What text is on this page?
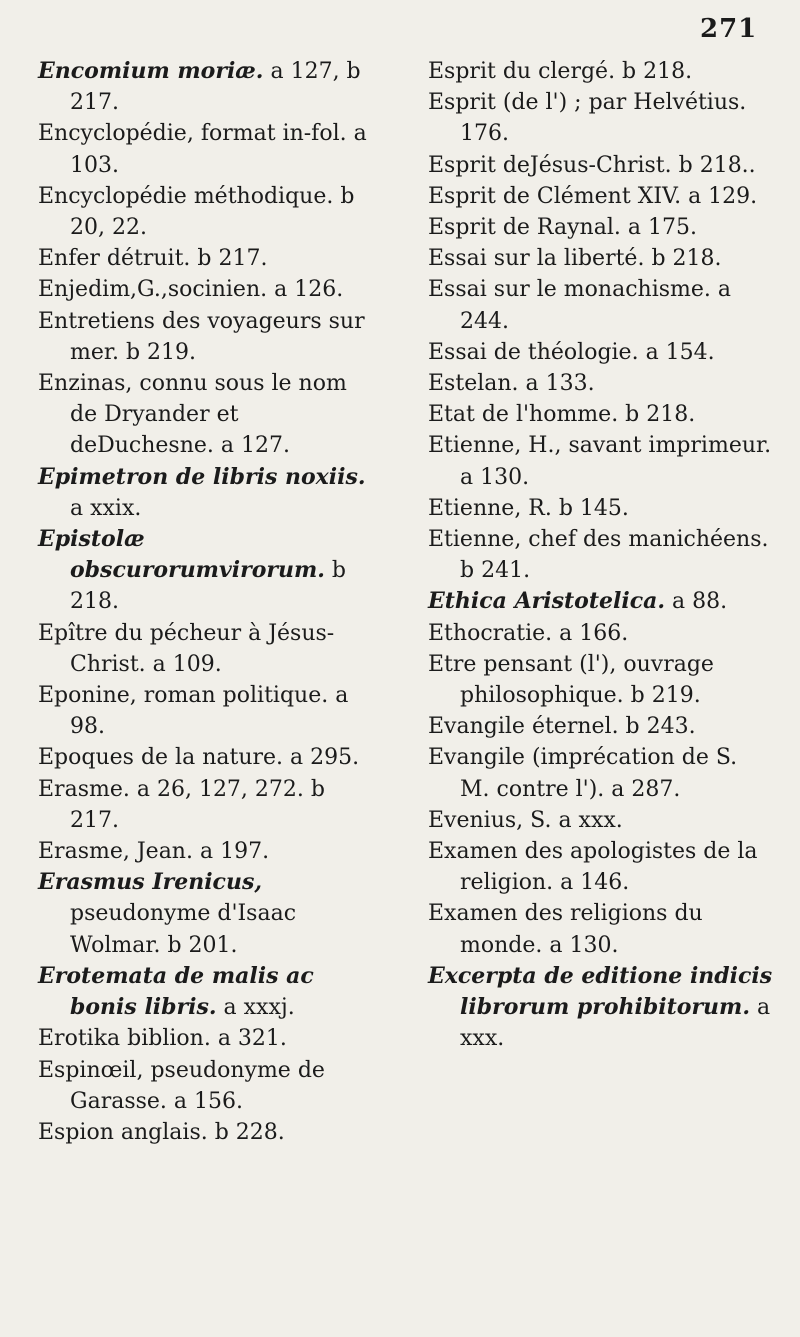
271

Encomium moriæ. a 127, b 217.

Encyclopédie, format in-fol. a 103.

Encyclopédie méthodique. b 20, 22.

Enfer détruit. b 217.

Enjedim,G.,socinien. a 126.

Entretiens des voyageurs sur mer. b 219.

Enzinas, connu sous le nom de Dryander et deDuchesne. a 127.

Epimetron de libris noxiis. a xxix.

Epistolæ obscurorumvirorum. b 218.

Epître du pécheur à Jésus-Christ. a 109.

Eponine, roman politique. a 98.

Epoques de la nature. a 295.

Erasme. a 26, 127, 272. b 217.

Erasme, Jean. a 197.

Erasmus Irenicus, pseudonyme d'Isaac Wolmar. b 201.

Erotemata de malis ac bonis libris. a xxxj.

Erotika biblion. a 321.

Espinœil, pseudonyme de Garasse. a 156.

Espion anglais. b 228.

Esprit du clergé. b 218.

Esprit (de l') ; par Helvétius. 176.

Esprit deJésus-Christ. b 218..

Esprit de Clément XIV. a 129.

Esprit de Raynal. a 175.

Essai sur la liberté. b 218.

Essai sur le monachisme. a 244.

Essai de théologie. a 154.

Estelan. a 133.

Etat de l'homme. b 218.

Etienne, H., savant imprimeur. a 130.

Etienne, R. b 145.

Etienne, chef des manichéens. b 241.

Ethica Aristotelica. a 88.

Ethocratie. a 166.

Etre pensant (l'), ouvrage philosophique. b 219.

Evangile éternel. b 243.

Evangile (imprécation de S. M. contre l'). a 287.

Evenius, S. a xxx.

Examen des apologistes de la religion. a 146.

Examen des religions du monde. a 130.

Excerpta de editione indicis librorum prohibitorum. a xxx.
